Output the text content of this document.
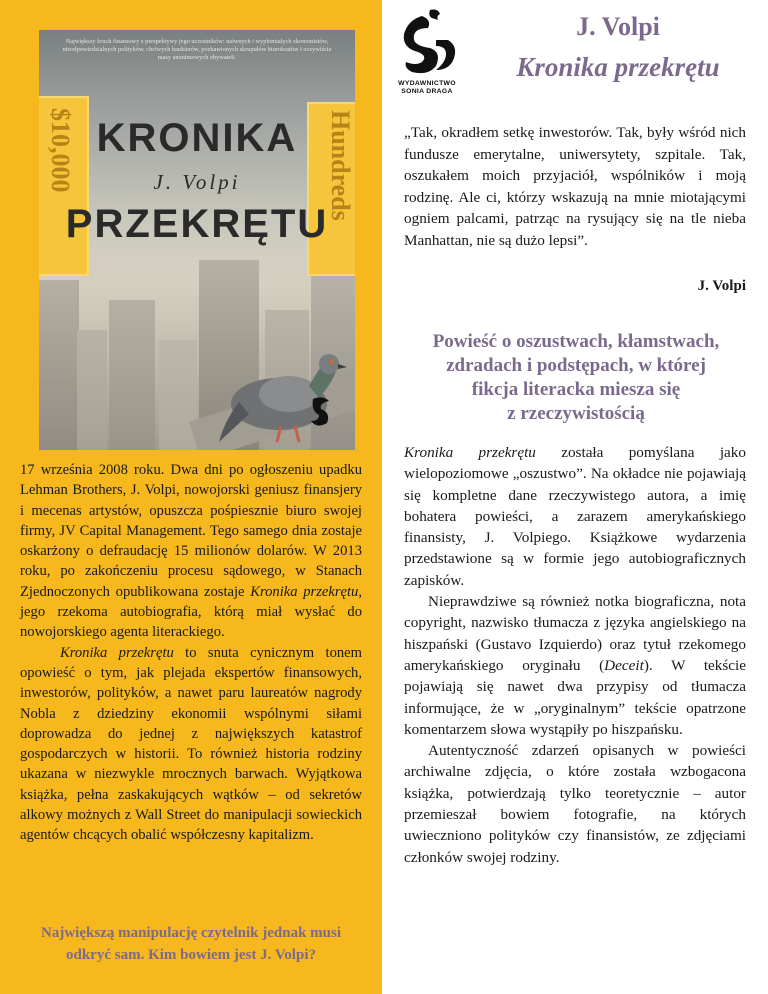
Największy kruch finansowy z perspektywy jego uczestników: naiwnych i wyplomialych ekonomistów, nieodpowiedzialnych polityków, chciwych bankierów, pozbawionych skrupułów biurokratów i oczywiście masy anonimowych obywateli.
$10,000	Hundreds
KRONIKA
J. Volpi
PRZEKRĘTU

17 września 2008 roku. Dwa dni po ogłoszeniu upadku Lehman Brothers, J. Volpi, nowojorski geniusz finansjery i mecenas artystów, opuszcza pośpiesznie biuro swojej firmy, JV Capital Management. Tego samego dnia zostaje oskarżony o defraudację 15 milionów dolarów. W 2013 roku, po zakończeniu procesu sądowego, w Stanach Zjednoczonych opublikowana zostaje Kronika przekrętu, jego rzekoma autobiografia, którą miał wysłać do nowojorskiego agenta literackiego.

Kronika przekrętu to snuta cynicznym tonem opowieść o tym, jak plejada ekspertów finansowych, inwestorów, polityków, a nawet paru laureatów nagrody Nobla z dziedziny ekonomii wspólnymi siłami doprowadza do jednej z największych katastrof gospodarczych w historii. To również historia rodziny ukazana w niezwykle mrocznych barwach. Wyjątkowa książka, pełna zaskakujących wątków – od sekretów alkowy możnych z Wall Street do manipulacji sowieckich agentów chcących obalić współczesny kapitalizm.

Największą manipulację czytelnik jednak musi odkryć sam. Kim bowiem jest J. Volpi?
WYDAWNICTWO
SONIA DRAGA
J. Volpi
Kronika przekrętu
„Tak, okradłem setkę inwestorów. Tak, były wśród nich fundusze emerytalne, uniwersytety, szpitale. Tak, oszukałem moich przyjaciół, wspólników i moją rodzinę. Ale ci, którzy wskazują na mnie miotającymi ogniem palcami, patrząc na rysujący się na tle nieba Manhattan, nie są dużo lepsi”.
J. Volpi
Powieść o oszustwach, kłamstwach,
zdradach i podstępach, w której
fikcja literacka miesza się
z rzeczywistością

Kronika przekrętu została pomyślana jako wielopoziomowe „oszustwo”. Na okładce nie pojawiają się kompletne dane rzeczywistego autora, a imię bohatera powieści, a zarazem amerykańskiego finansisty, J. Volpiego. Książkowe wydarzenia przedstawione są w formie jego autobiograficznych zapisków.

Nieprawdziwe są również notka biograficzna, nota copyright, nazwisko tłumacza z języka angielskiego na hiszpański (Gustavo Izquierdo) oraz tytuł rzekomego amerykańskiego oryginału (Deceit). W tekście pojawiają się nawet dwa przypisy od tłumacza informujące, że w „oryginalnym” tekście opatrzone komentarzem słowa wystąpiły po hiszpańsku.

Autentyczność zdarzeń opisanych w powieści archiwalne zdjęcia, o które została wzbogacona książka, potwierdzają tylko teoretycznie – autor przemieszał bowiem fotografie, na których uwieczniono polityków czy finansistów, ze zdjęciami członków swojej rodziny.
